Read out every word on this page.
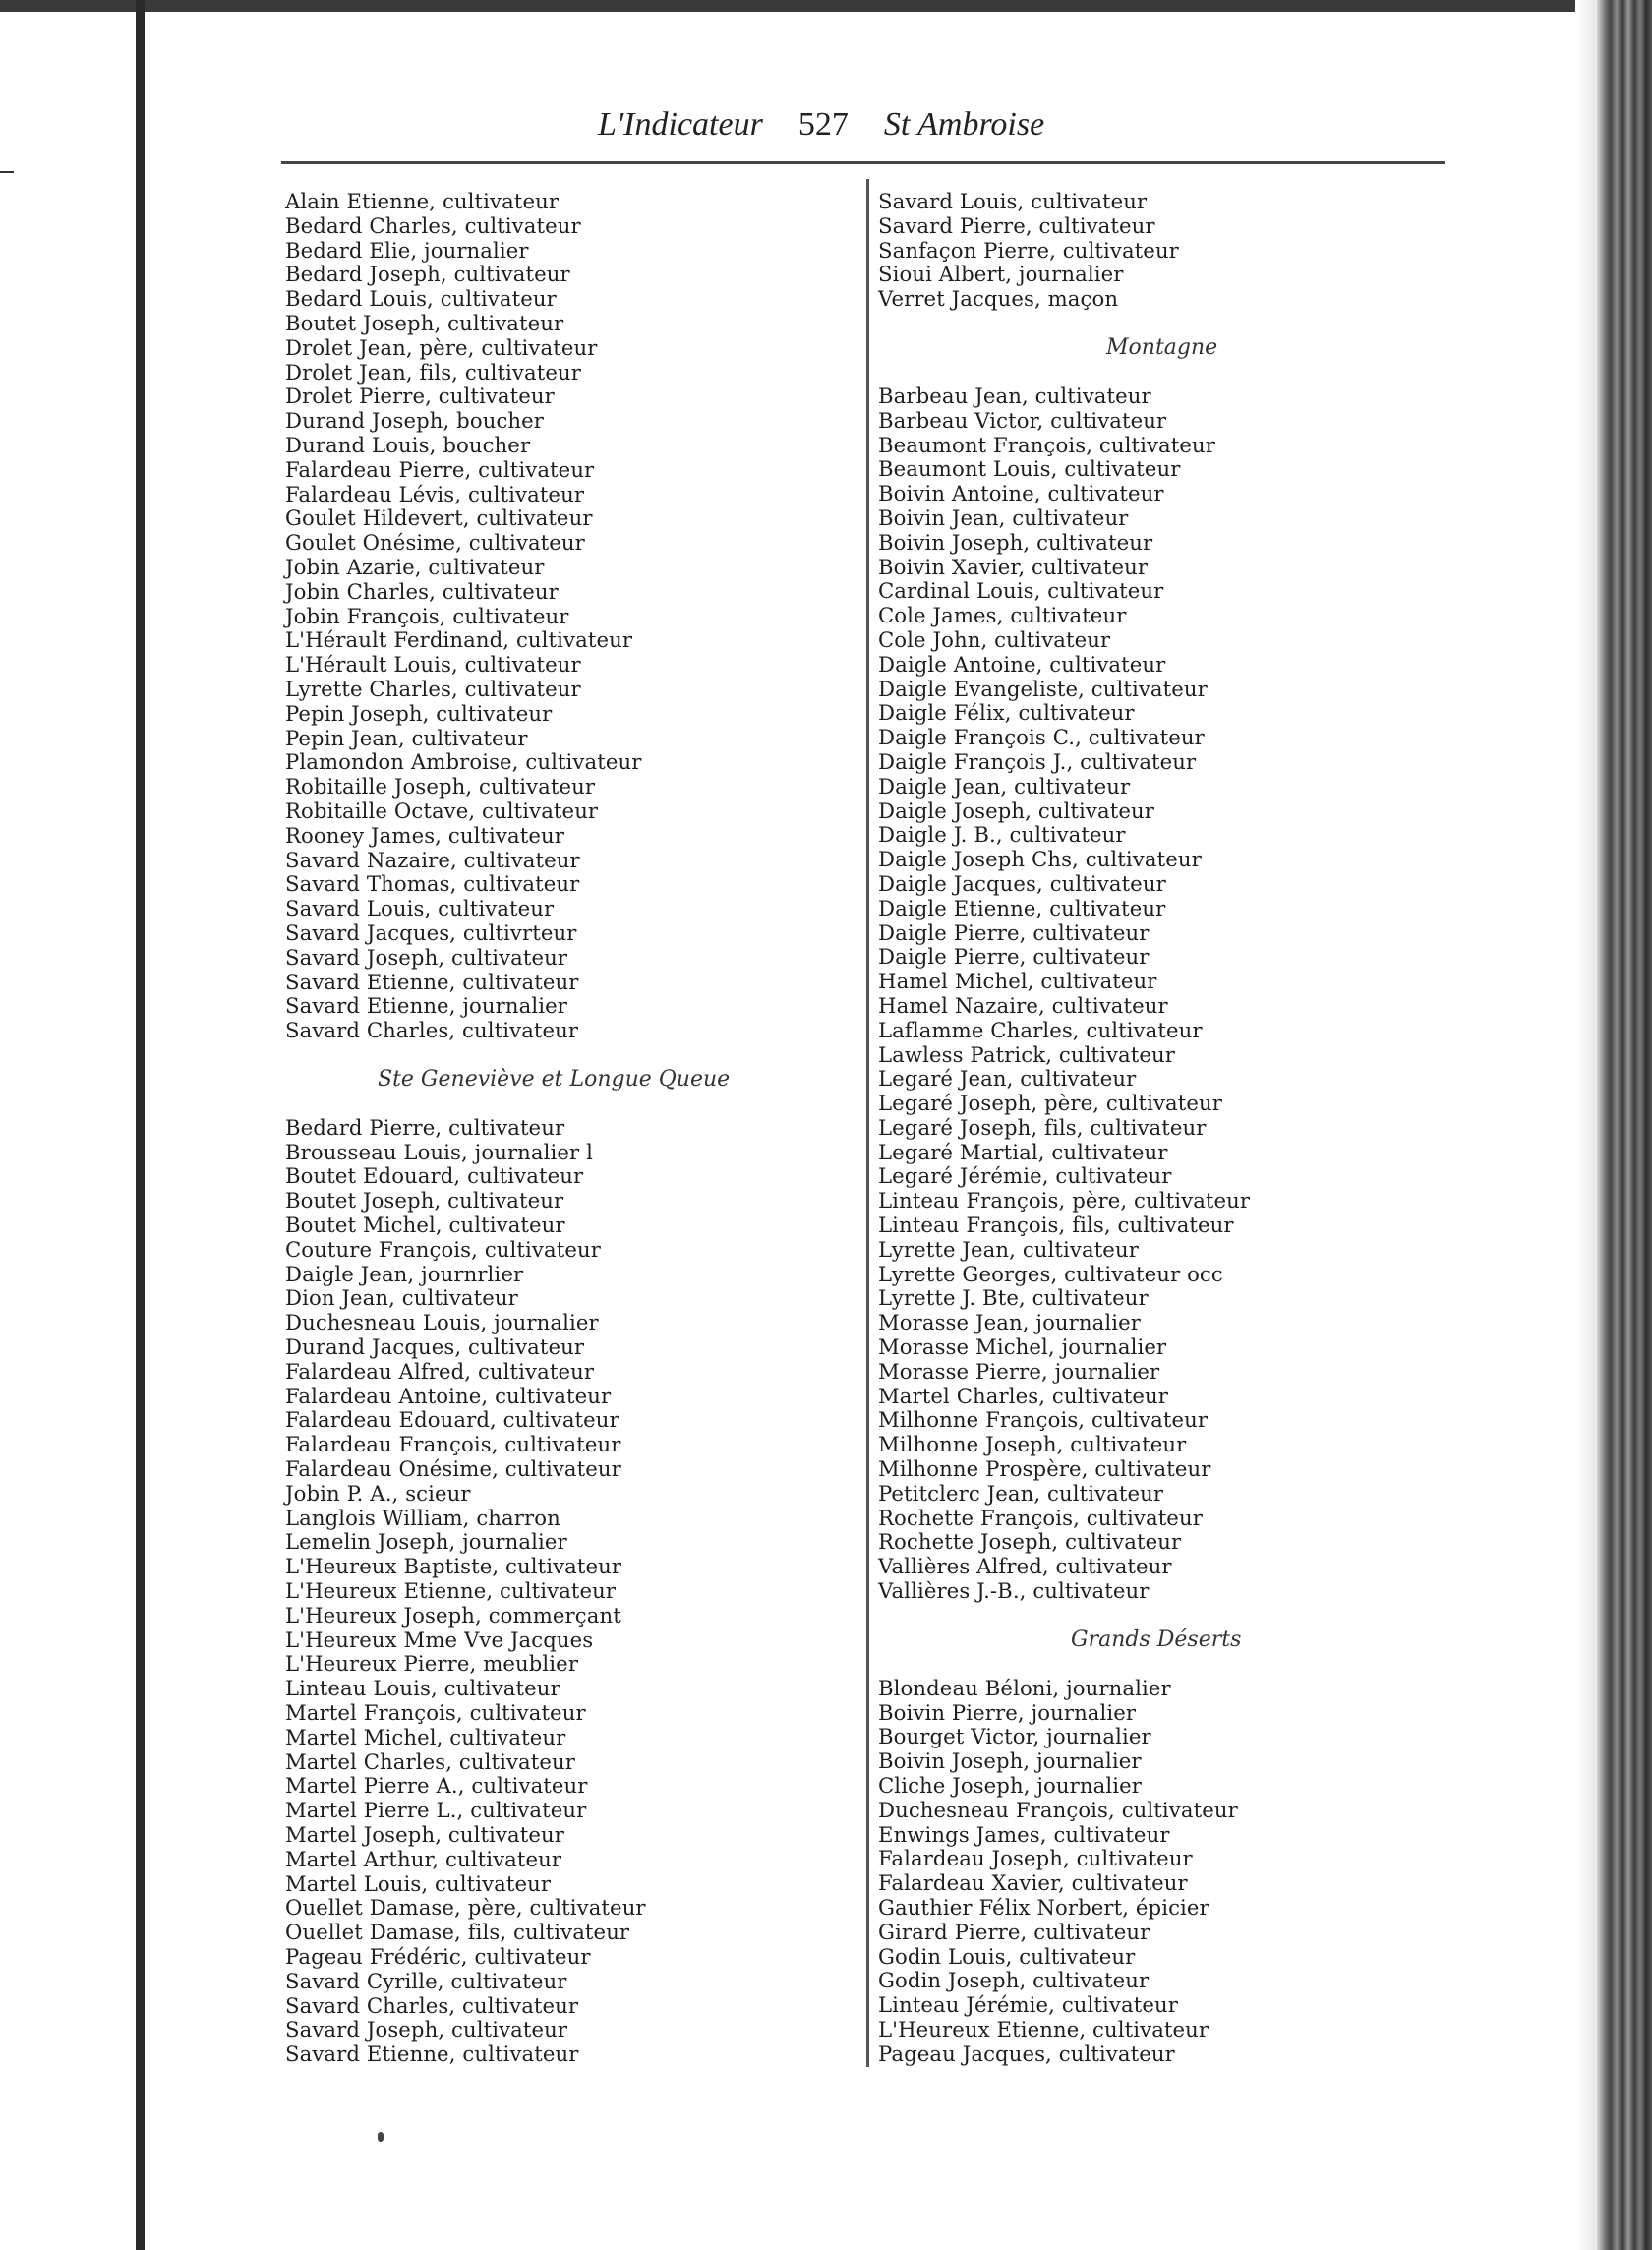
L'Indicateur 527 St Ambroise
Alain Etienne, cultivateur
Bedard Charles, cultivateur
Bedard Elie, journalier
Bedard Joseph, cultivateur
Bedard Louis, cultivateur
Boutet Joseph, cultivateur
Drolet Jean, père, cultivateur
Drolet Jean, fils, cultivateur
Drolet Pierre, cultivateur
Durand Joseph, boucher
Durand Louis, boucher
Falardeau Pierre, cultivateur
Falardeau Lévis, cultivateur
Goulet Hildevert, cultivateur
Goulet Onésime, cultivateur
Jobin Azarie, cultivateur
Jobin Charles, cultivateur
Jobin François, cultivateur
L'Hérault Ferdinand, cultivateur
L'Hérault Louis, cultivateur
Lyrette Charles, cultivateur
Pepin Joseph, cultivateur
Pepin Jean, cultivateur
Plamondon Ambroise, cultivateur
Robitaille Joseph, cultivateur
Robitaille Octave, cultivateur
Rooney James, cultivateur
Savard Nazaire, cultivateur
Savard Thomas, cultivateur
Savard Louis, cultivateur
Savard Jacques, cultivrteur
Savard Joseph, cultivateur
Savard Etienne, cultivateur
Savard Etienne, journalier
Savard Charles, cultivateur
Ste Geneviève et Longue Queue
Bedard Pierre, cultivateur
Brousseau Louis, journalier l
Boutet Edouard, cultivateur
Boutet Joseph, cultivateur
Boutet Michel, cultivateur
Couture François, cultivateur
Daigle Jean, journrlier
Dion Jean, cultivateur
Duchesneau Louis, journalier
Durand Jacques, cultivateur
Falardeau Alfred, cultivateur
Falardeau Antoine, cultivateur
Falardeau Edouard, cultivateur
Falardeau François, cultivateur
Falardeau Onésime, cultivateur
Jobin P. A., scieur
Langlois William, charron
Lemelin Joseph, journalier
L'Heureux Baptiste, cultivateur
L'Heureux Etienne, cultivateur
L'Heureux Joseph, commerçant
L'Heureux Mme Vve Jacques
L'Heureux Pierre, meublier
Linteau Louis, cultivateur
Martel François, cultivateur
Martel Michel, cultivateur
Martel Charles, cultivateur
Martel Pierre A., cultivateur
Martel Pierre L., cultivateur
Martel Joseph, cultivateur
Martel Arthur, cultivateur
Martel Louis, cultivateur
Ouellet Damase, père, cultivateur
Ouellet Damase, fils, cultivateur
Pageau Frédéric, cultivateur
Savard Cyrille, cultivateur
Savard Charles, cultivateur
Savard Joseph, cultivateur
Savard Etienne, cultivateur
Savard Louis, cultivateur
Savard Pierre, cultivateur
Sanfaçon Pierre, cultivateur
Sioui Albert, journalier
Verret Jacques, maçon
Montagne
Barbeau Jean, cultivateur
Barbeau Victor, cultivateur
Beaumont François, cultivateur
Beaumont Louis, cultivateur
Boivin Antoine, cultivateur
Boivin Jean, cultivateur
Boivin Joseph, cultivateur
Boivin Xavier, cultivateur
Cardinal Louis, cultivateur
Cole James, cultivateur
Cole John, cultivateur
Daigle Antoine, cultivateur
Daigle Evangeliste, cultivateur
Daigle Félix, cultivateur
Daigle François C., cultivateur
Daigle François J., cultivateur
Daigle Jean, cultivateur
Daigle Joseph, cultivateur
Daigle J. B., cultivateur
Daigle Joseph Chs, cultivateur
Daigle Jacques, cultivateur
Daigle Etienne, cultivateur
Daigle Pierre, cultivateur
Daigle Pierre, cultivateur
Hamel Michel, cultivateur
Hamel Nazaire, cultivateur
Laflamme Charles, cultivateur
Lawless Patrick, cultivateur
Legaré Jean, cultivateur
Legaré Joseph, père, cultivateur
Legaré Joseph, fils, cultivateur
Legaré Martial, cultivateur
Legaré Jérémie, cultivateur
Linteau François, père, cultivateur
Linteau François, fils, cultivateur
Lyrette Jean, cultivateur
Lyrette Georges, cultivateur occ
Lyrette J. Bte, cultivateur
Morasse Jean, journalier
Morasse Michel, journalier
Morasse Pierre, journalier
Martel Charles, cultivateur
Milhonne François, cultivateur
Milhonne Joseph, cultivateur
Milhonne Prospère, cultivateur
Petitclerc Jean, cultivateur
Rochette François, cultivateur
Rochette Joseph, cultivateur
Vallières Alfred, cultivateur
Vallières J.-B., cultivateur
Grands Déserts
Blondeau Béloni, journalier
Boivin Pierre, journalier
Bourget Victor, journalier
Boivin Joseph, journalier
Cliche Joseph, journalier
Duchesneau François, cultivateur
Enwings James, cultivateur
Falardeau Joseph, cultivateur
Falardeau Xavier, cultivateur
Gauthier Félix Norbert, épicier
Girard Pierre, cultivateur
Godin Louis, cultivateur
Godin Joseph, cultivateur
Linteau Jérémie, cultivateur
L'Heureux Etienne, cultivateur
Pageau Jacques, cultivateur
